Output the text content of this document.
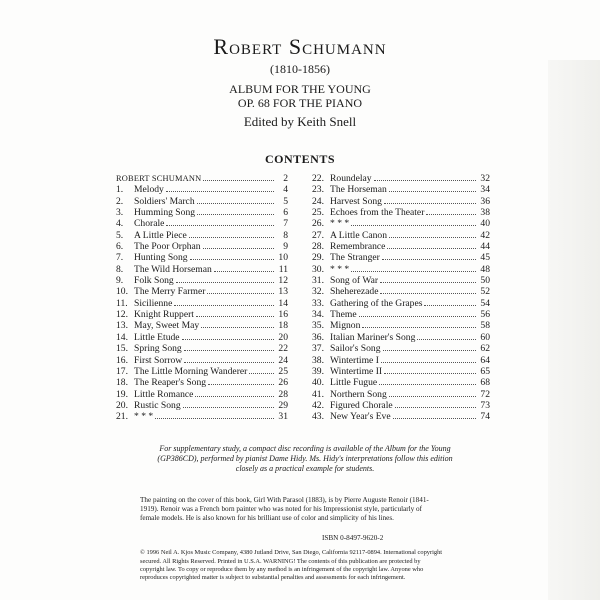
Robert Schumann

(1810-1856)

ALBUM FOR THE YOUNG

OP. 68 FOR THE PIANO

Edited by Keith Snell

CONTENTS
ROBERT SCHUMANN	2
1.	Melody	4
2.	Soldiers' March	5
3.	Humming Song	6
4.	Chorale	7
5.	A Little Piece	8
6.	The Poor Orphan	9
7.	Hunting Song	10
8.	The Wild Horseman	11
9.	Folk Song	12
10. The Merry Farmer	13
11. Sicilienne	14
12. Knight Ruppert	16
13. May, Sweet May	18
14. Little Etude	20
15. Spring Song	22
16. First Sorrow	24
17. The Little Morning Wanderer	25
18. The Reaper's Song	26
19. Little Romance	28
20. Rustic Song	29
21. * * *	31
22. Roundelay	32
23. The Horseman	34
24. Harvest Song	36
25. Echoes from the Theater	38
26. * * *	40
27. A Little Canon	42
28. Remembrance	44
29. The Stranger	45
30. * * *	48
31. Song of War	50
32. Sheherezade	52
33. Gathering of the Grapes	54
34. Theme	56
35. Mignon	58
36. Italian Mariner's Song	60
37. Sailor's Song	62
38. Wintertime I	64
39. Wintertime II	65
40. Little Fugue	68
41. Northern Song	72
42. Figured Chorale	73
43. New Year's Eve	74

For supplementary study, a compact disc recording is available of the Album for the Young (GP386CD), performed by pianist Dame Hidy. Ms. Hidy's interpretations follow this edition closely as a practical example for students.

The painting on the cover of this book, Girl With Parasol (1883), is by Pierre Auguste Renoir (1841-1919). Renoir was a French born painter who was noted for his Impressionist style, particularly of female models. He is also known for his brilliant use of color and simplicity of his lines.

ISBN 0-8497-9620-2

© 1996 Neil A. Kjos Music Company, 4380 Jutland Drive, San Diego, California 92117-0894. International copyright secured. All Rights Reserved. Printed in U.S.A. WARNING! The contents of this publication are protected by copyright law. To copy or reproduce them by any method is an infringement of the copyright law. Anyone who reproduces copyrighted matter is subject to substantial penalties and assessments for each infringement.
